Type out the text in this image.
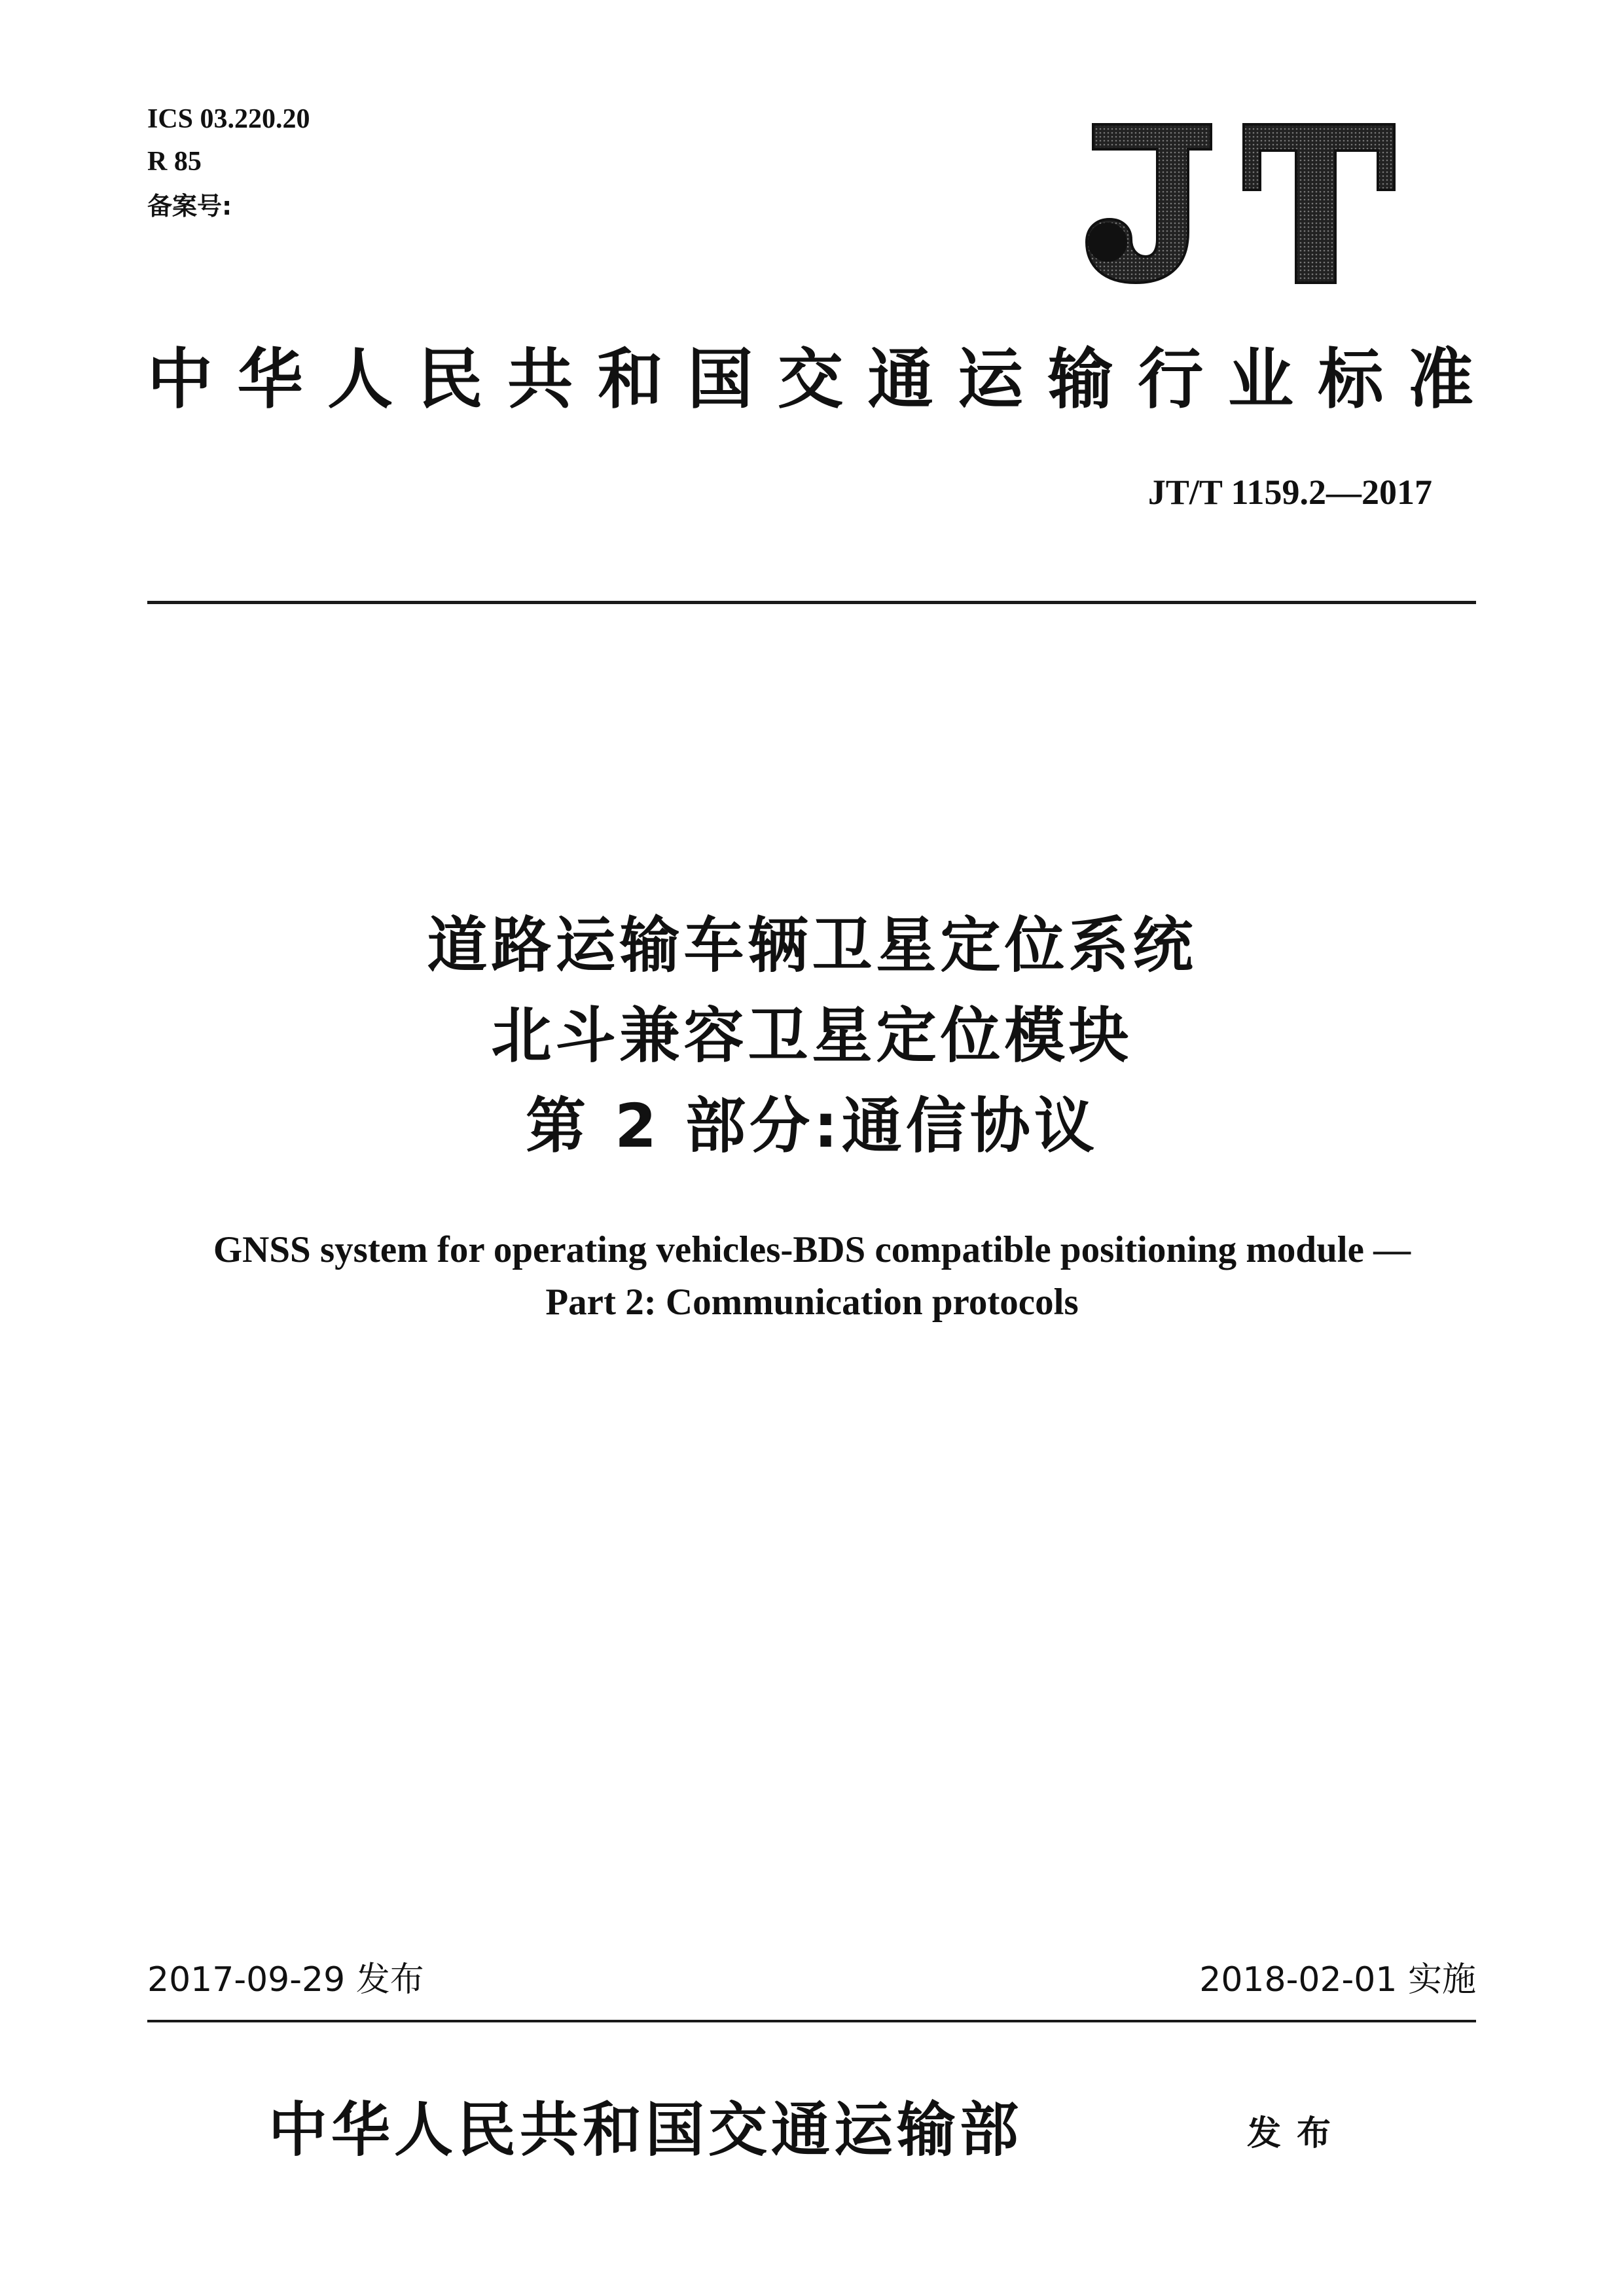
ICS 03.220.20
R 85
备案号:
JT
中华人民共和国交通运输行业标准
JT/T 1159.2—2017
道路运输车辆卫星定位系统
北斗兼容卫星定位模块
第 2 部分:通信协议
GNSS system for operating vehicles-BDS compatible positioning module —
Part 2: Communication protocols
2017-09-29 发布	2018-02-01 实施
中华人民共和国交通运输部	发布
